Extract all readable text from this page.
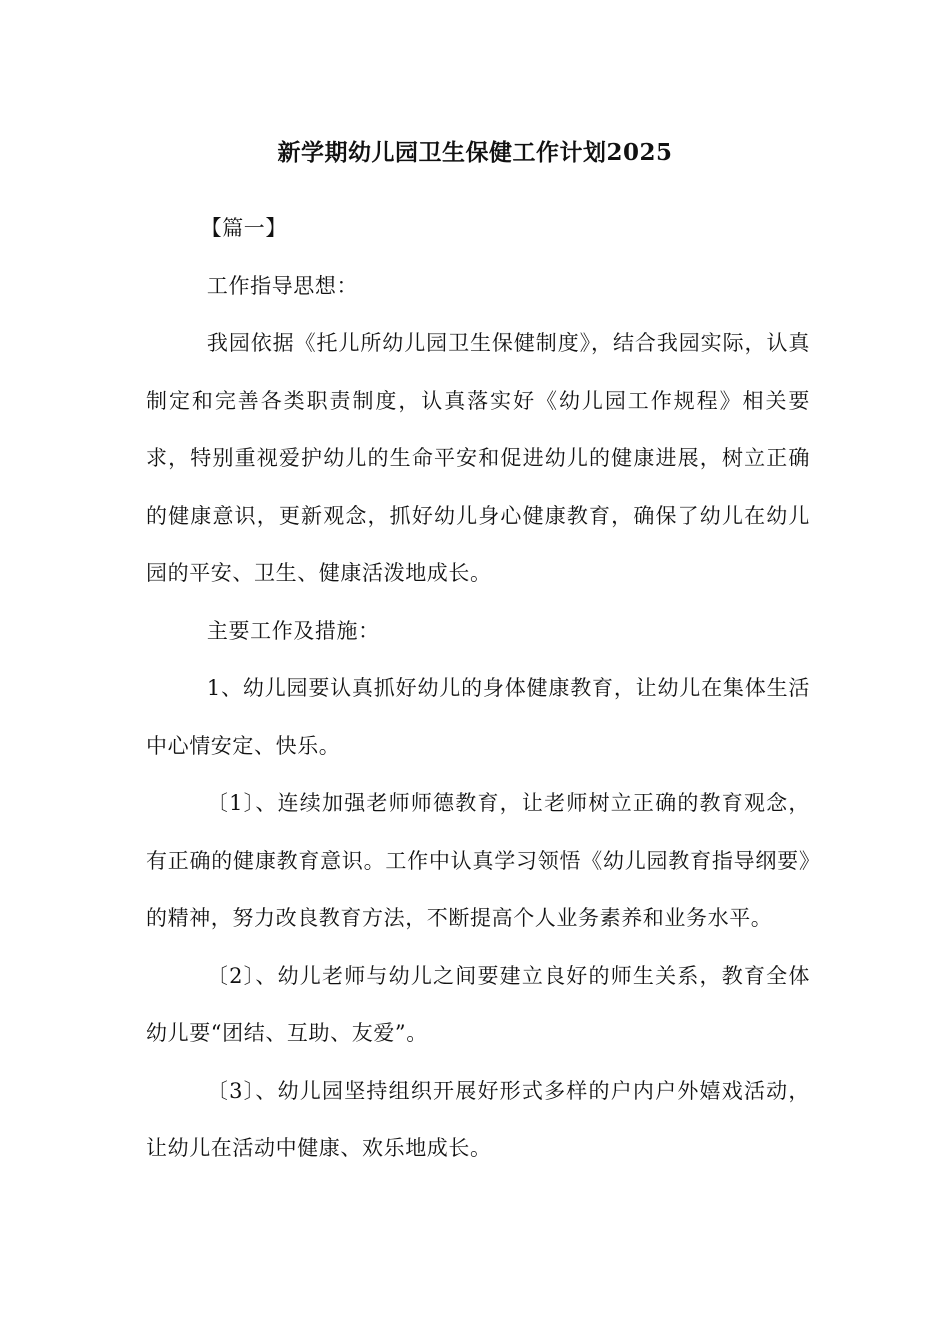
新学期幼儿园卫生保健工作计划2025

【篇一】

工作指导思想：

我园依据《托儿所幼儿园卫生保健制度》，结合我园实际，认真制定和完善各类职责制度，认真落实好《幼儿园工作规程》相关要求，特别重视爱护幼儿的生命平安和促进幼儿的健康进展，树立正确的健康意识，更新观念，抓好幼儿身心健康教育，确保了幼儿在幼儿园的平安、卫生、健康活泼地成长。

主要工作及措施：

1、幼儿园要认真抓好幼儿的身体健康教育，让幼儿在集体生活中心情安定、快乐。

〔1〕、连续加强老师师德教育，让老师树立正确的教育观念，有正确的健康教育意识。工作中认真学习领悟《幼儿园教育指导纲要》的精神，努力改良教育方法，不断提高个人业务素养和业务水平。

〔2〕、幼儿老师与幼儿之间要建立良好的师生关系，教育全体幼儿要“团结、互助、友爱”。

〔3〕、幼儿园坚持组织开展好形式多样的户内户外嬉戏活动，让幼儿在活动中健康、欢乐地成长。
